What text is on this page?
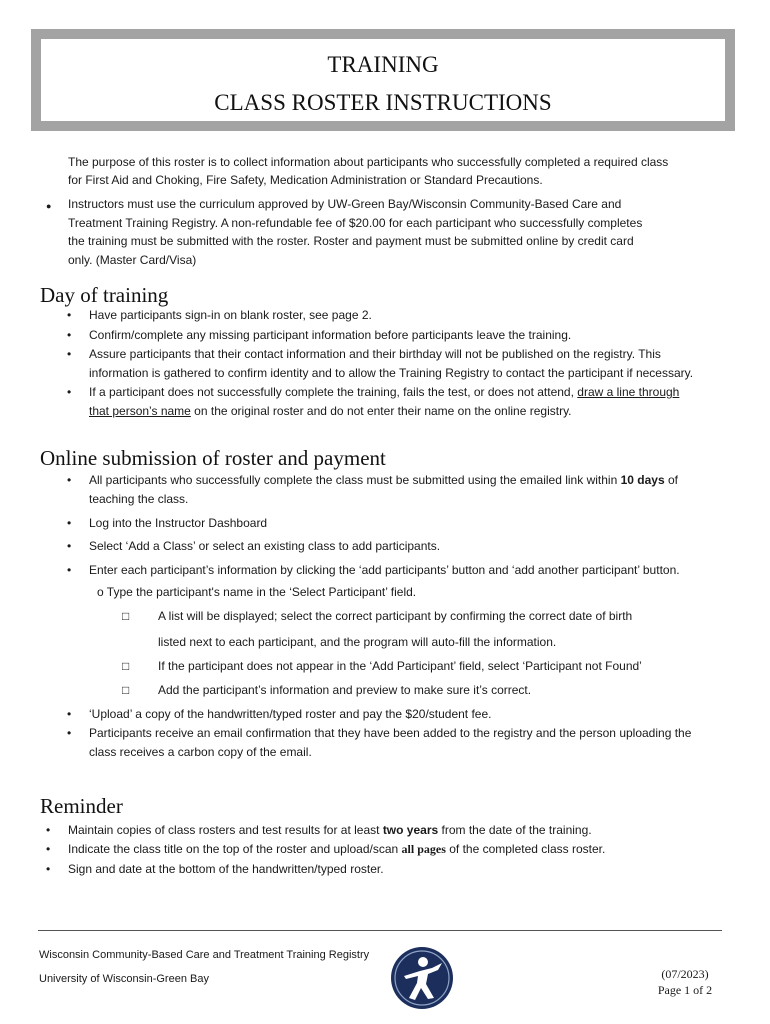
TRAINING
CLASS ROSTER INSTRUCTIONS
The purpose of this roster is to collect information about participants who successfully completed a required class
for First Aid and Choking, Fire Safety, Medication Administration or Standard Precautions.
● Instructors must use the curriculum approved by UW-Green Bay/Wisconsin Community-Based Care and
Treatment Training Registry. A non-refundable fee of $20.00 for each participant who successfully completes
the training must be submitted with the roster. Roster and payment must be submitted online by credit card
only. (Master Card/Visa)
Day of training
• Have participants sign-in on blank roster, see page 2.
• Confirm/complete any missing participant information before participants leave the training.
• Assure participants that their contact information and their birthday will not be published on the registry. This
information is gathered to confirm identity and to allow the Training Registry to contact the participant if necessary.
• If a participant does not successfully complete the training, fails the test, or does not attend, draw a line through
that person’s name on the original roster and do not enter their name on the online registry.
Online submission of roster and payment
• All participants who successfully complete the class must be submitted using the emailed link within 10 days of
teaching the class.
• Log into the Instructor Dashboard
• Select ‘Add a Class’ or select an existing class to add participants.
• Enter each participant’s information by clicking the ‘add participants’ button and ‘add another participant’ button.
o Type the participant's name in the ‘Select Participant’ field.
□ A list will be displayed; select the correct participant by confirming the correct date of birth
listed next to each participant, and the program will auto-fill the information.
□ If the participant does not appear in the ‘Add Participant’ field, select ‘Participant not Found’
□ Add the participant’s information and preview to make sure it’s correct.
• ‘Upload’ a copy of the handwritten/typed roster and pay the $20/student fee.
• Participants receive an email confirmation that they have been added to the registry and the person uploading the
class receives a carbon copy of the email.
Reminder
• Maintain copies of class rosters and test results for at least two years from the date of the training.
• Indicate the class title on the top of the roster and upload/scan all pages of the completed class roster.
• Sign and date at the bottom of the handwritten/typed roster.
Wisconsin Community-Based Care and Treatment Training Registry
University of Wisconsin-Green Bay	(07/2023)
Page 1 of 2
